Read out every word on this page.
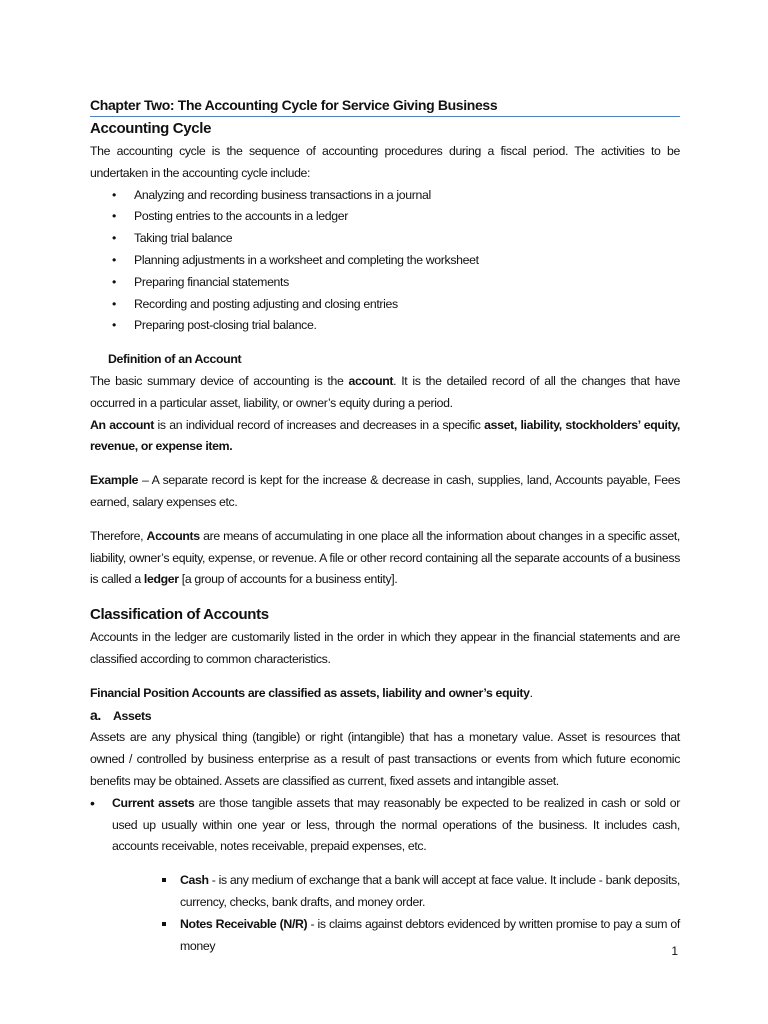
Chapter Two: The Accounting Cycle for Service Giving Business
Accounting Cycle

The accounting cycle is the sequence of accounting procedures during a fiscal period. The activities to be undertaken in the accounting cycle include:

• Analyzing and recording business transactions in a journal
• Posting entries to the accounts in a ledger
• Taking trial balance
• Planning adjustments in a worksheet and completing the worksheet
• Preparing financial statements
• Recording and posting adjusting and closing entries
• Preparing post-closing trial balance.
Definition of an Account

The basic summary device of accounting is the account. It is the detailed record of all the changes that have occurred in a particular asset, liability, or owner’s equity during a period.

An account is an individual record of increases and decreases in a specific asset, liability, stockholders’ equity, revenue, or expense item.

Example – A separate record is kept for the increase & decrease in cash, supplies, land, Accounts payable, Fees earned, salary expenses etc.

Therefore, Accounts are means of accumulating in one place all the information about changes in a specific asset, liability, owner’s equity, expense, or revenue. A file or other record containing all the separate accounts of a business is called a ledger [a group of accounts for a business entity].

Classification of Accounts

Accounts in the ledger are customarily listed in the order in which they appear in the financial statements and are classified according to common characteristics.

Financial Position Accounts are classified as assets, liability and owner’s equity.

a. Assets

Assets are any physical thing (tangible) or right (intangible) that has a monetary value. Asset is resources that owned / controlled by business enterprise as a result of past transactions or events from which future economic benefits may be obtained. Assets are classified as current, fixed assets and intangible asset.

• Current assets are those tangible assets that may reasonably be expected to be realized in cash or sold or used up usually within one year or less, through the normal operations of the business. It includes cash, accounts receivable, notes receivable, prepaid expenses, etc.
Cash - is any medium of exchange that a bank will accept at face value. It include - bank deposits, currency, checks, bank drafts, and money order.
Notes Receivable (N/R) - is claims against debtors evidenced by written promise to pay a sum of money	1
